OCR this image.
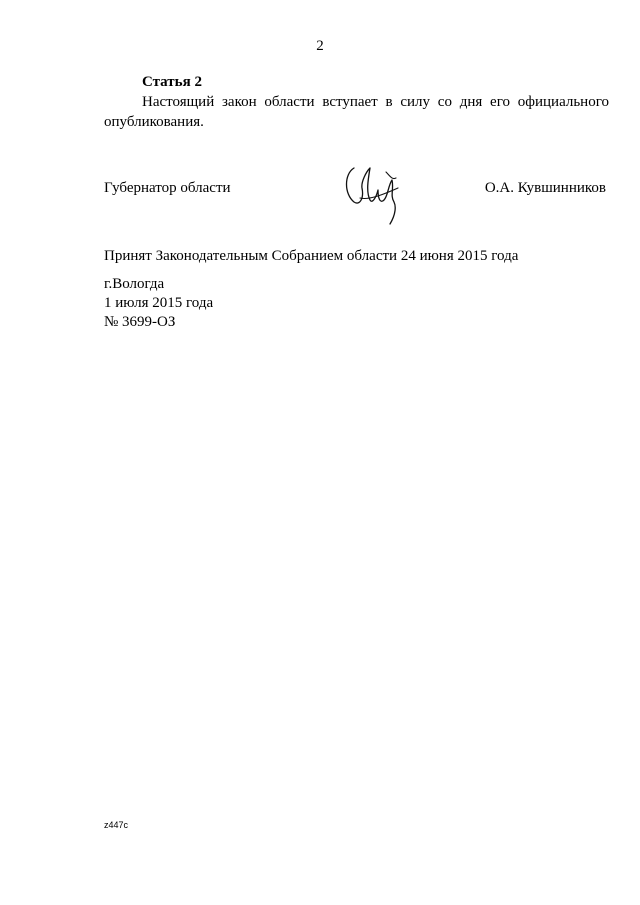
2
Статья 2
Настоящий закон области вступает в силу со дня его официального опубликования.
Губернатор области	О.А. Кувшинников
Принят Законодательным Собранием области 24 июня 2015 года
г.Вологда
1 июля 2015 года
№ 3699-ОЗ
z447c
